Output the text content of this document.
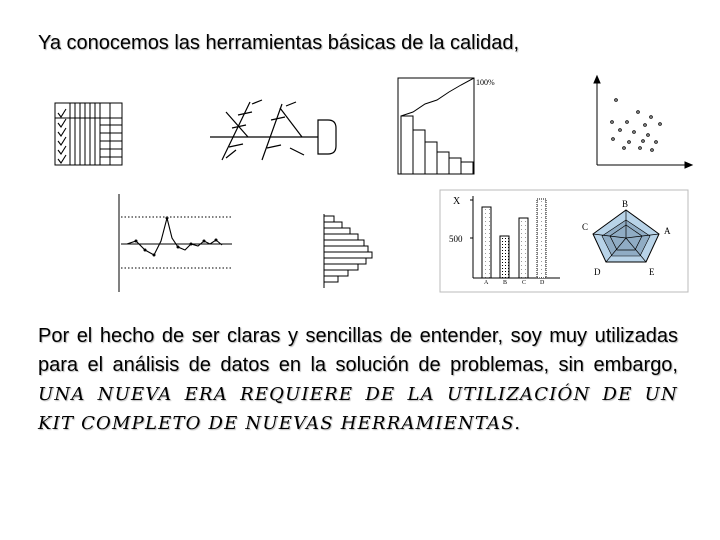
Ya conocemos las herramientas básicas de la calidad,
100%
X
500
A B C D
B
A
E
D
C
Por el hecho de ser claras y sencillas de entender, soy muy utilizadas para el análisis de datos en la solución de problemas, sin embargo, UNA NUEVA ERA REQUIERE DE LA UTILIZACIÓN DE UN KIT COMPLETO DE NUEVAS HERRAMIENTAS.
